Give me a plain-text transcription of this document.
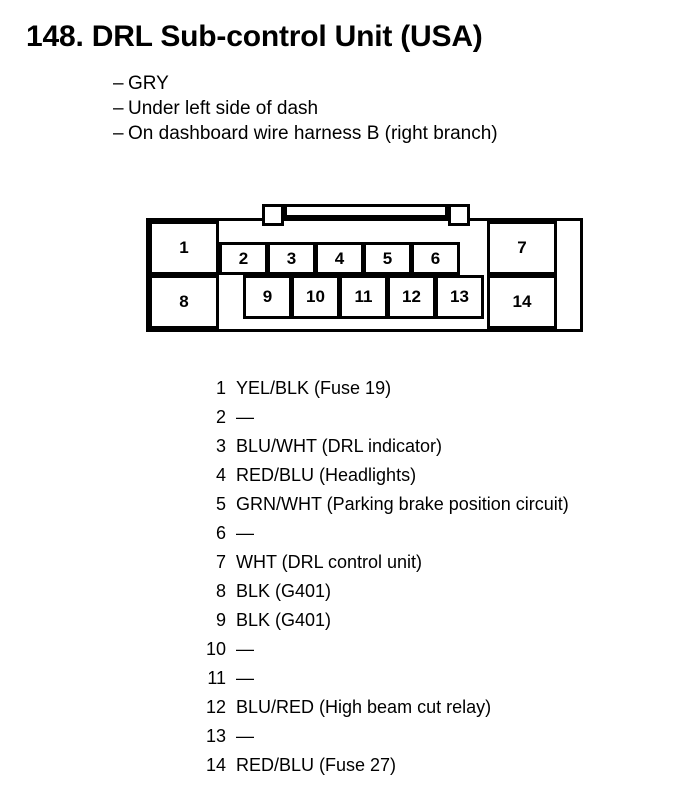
148. DRL Sub-control Unit (USA)
– GRY
– Under left side of dash
– On dashboard wire harness B (right branch)
1
2	3	4	5	6
7
8	9	10	11	12	13	14
1 YEL/BLK (Fuse 19)
2 —
3 BLU/WHT (DRL indicator)
4 RED/BLU (Headlights)
5 GRN/WHT (Parking brake position circuit)
6 —
7 WHT (DRL control unit)
8 BLK (G401)
9 BLK (G401)
10 —
11 —
12 BLU/RED (High beam cut relay)
13 —
14 RED/BLU (Fuse 27)
